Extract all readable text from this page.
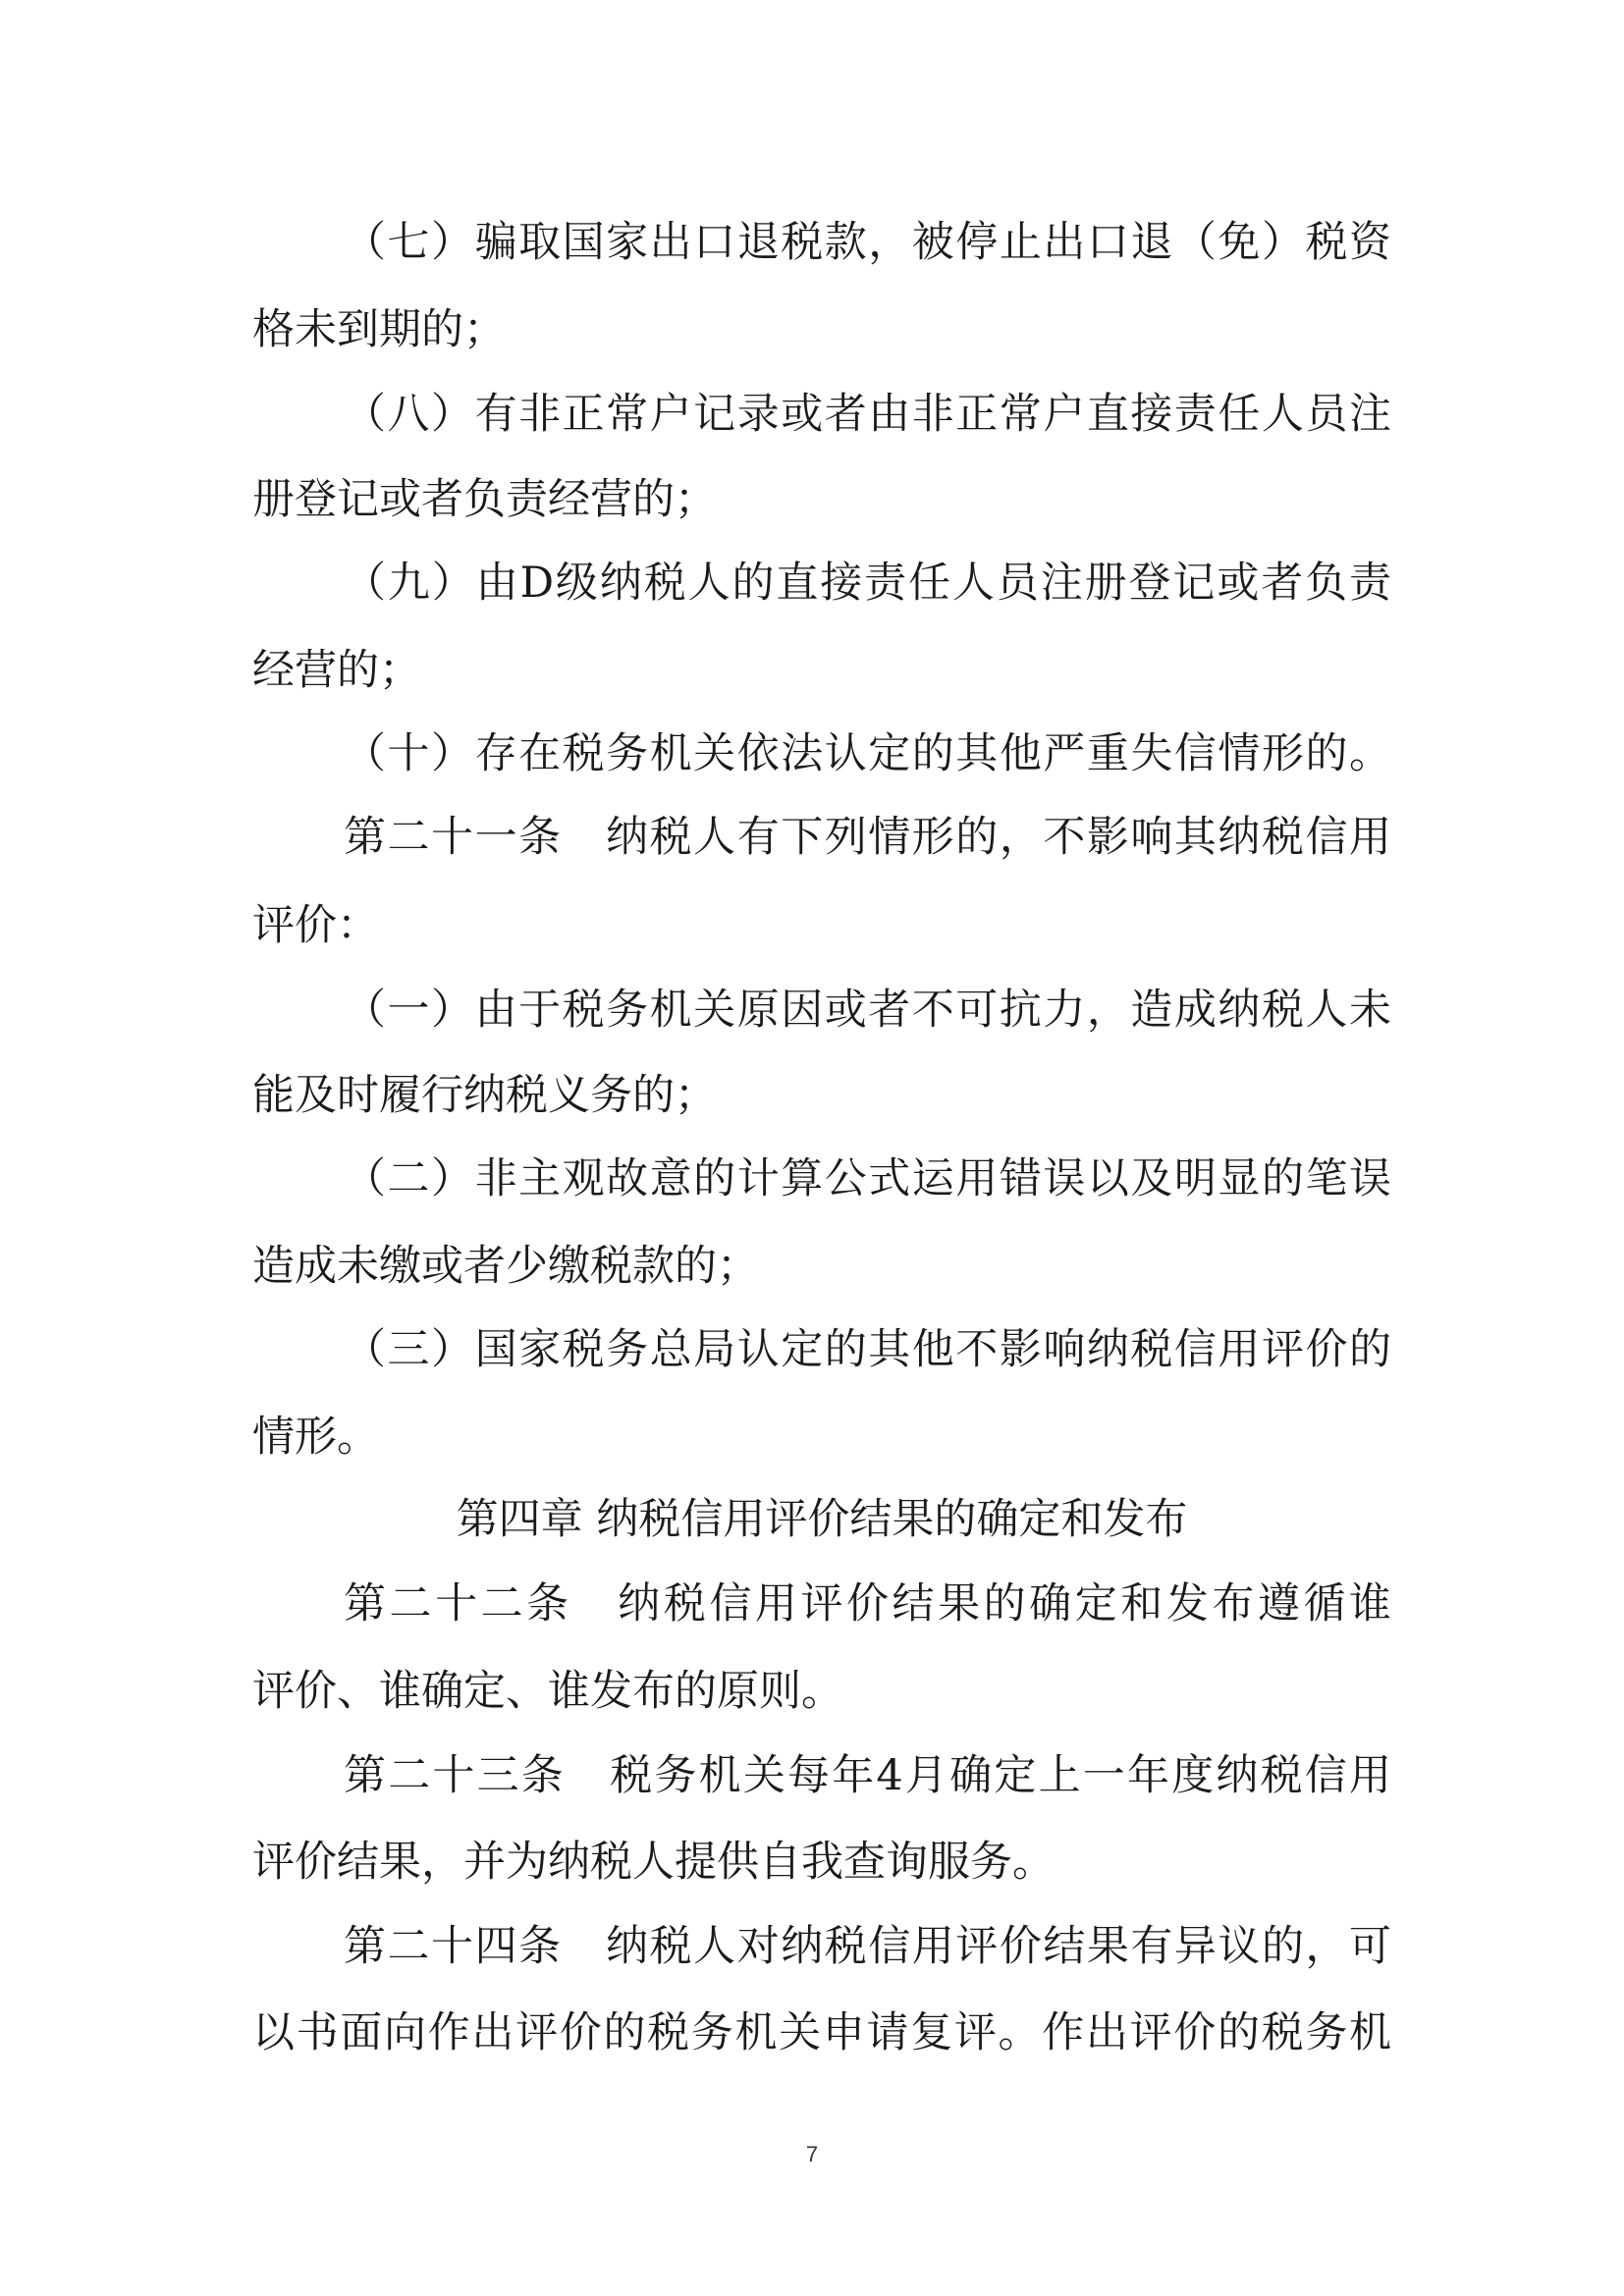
（七）骗取国家出口退税款，被停止出口退（免）税资
格未到期的；
（八）有非正常户记录或者由非正常户直接责任人员注
册登记或者负责经营的；
（九）由D级纳税人的直接责任人员注册登记或者负责
经营的；
（十）存在税务机关依法认定的其他严重失信情形的。
第二十一条　纳税人有下列情形的，不影响其纳税信用
评价：
（一）由于税务机关原因或者不可抗力，造成纳税人未
能及时履行纳税义务的；
（二）非主观故意的计算公式运用错误以及明显的笔误
造成未缴或者少缴税款的；
（三）国家税务总局认定的其他不影响纳税信用评价的
情形。
第四章 纳税信用评价结果的确定和发布
第二十二条　纳税信用评价结果的确定和发布遵循谁
评价、谁确定、谁发布的原则。
第二十三条　税务机关每年4月确定上一年度纳税信用
评价结果，并为纳税人提供自我查询服务。
第二十四条　纳税人对纳税信用评价结果有异议的，可
以书面向作出评价的税务机关申请复评。作出评价的税务机
7
